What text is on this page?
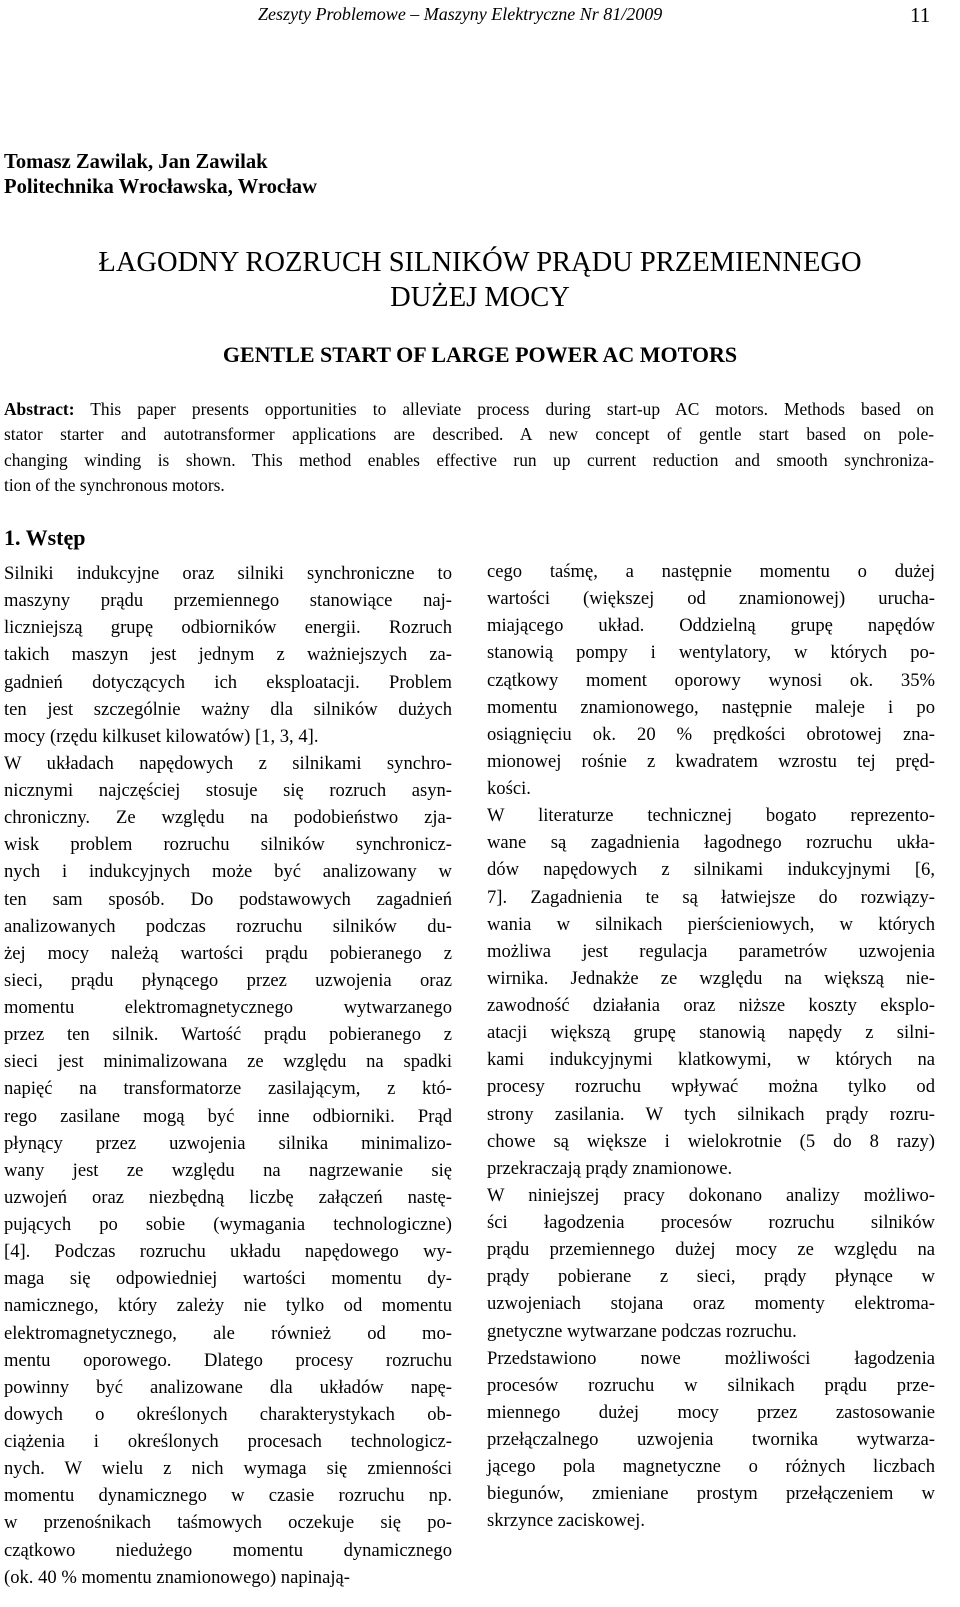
Zeszyty Problemowe – Maszyny Elektryczne Nr 81/2009	11
Tomasz Zawilak, Jan Zawilak
Politechnika Wrocławska, Wrocław
ŁAGODNY ROZRUCH SILNIKÓW PRĄDU PRZEMIENNEGO
DUŻEJ MOCY
GENTLE START OF LARGE POWER AC MOTORS
Abstract: This paper presents opportunities to alleviate process during start-up AC motors. Methods based on
stator starter and autotransformer applications are described. A new concept of gentle start based on pole-
changing winding is shown. This method enables effective run up current reduction and smooth synchroniza-
tion of the synchronous motors.
1. Wstęp
Silniki indukcyjne oraz silniki synchroniczne to
maszyny prądu przemiennego stanowiące naj-
liczniejszą grupę odbiorników energii. Rozruch
takich maszyn jest jednym z ważniejszych za-
gadnień dotyczących ich eksploatacji. Problem
ten jest szczególnie ważny dla silników dużych
mocy (rzędu kilkuset kilowatów) [1, 3, 4].
W układach napędowych z silnikami synchro-
nicznymi najczęściej stosuje się rozruch asyn-
chroniczny. Ze względu na podobieństwo zja-
wisk problem rozruchu silników synchronicz-
nych i indukcyjnych może być analizowany w
ten sam sposób. Do podstawowych zagadnień
analizowanych podczas rozruchu silników du-
żej mocy należą wartości prądu pobieranego z
sieci, prądu płynącego przez uzwojenia oraz
momentu elektromagnetycznego wytwarzanego
przez ten silnik. Wartość prądu pobieranego z
sieci jest minimalizowana ze względu na spadki
napięć na transformatorze zasilającym, z któ-
rego zasilane mogą być inne odbiorniki. Prąd
płynący przez uzwojenia silnika minimalizo-
wany jest ze względu na nagrzewanie się
uzwojeń oraz niezbędną liczbę załączeń nastę-
pujących po sobie (wymagania technologiczne)
[4]. Podczas rozruchu układu napędowego wy-
maga się odpowiedniej wartości momentu dy-
namicznego, który zależy nie tylko od momentu
elektromagnetycznego, ale również od mo-
mentu oporowego. Dlatego procesy rozruchu
powinny być analizowane dla układów napę-
dowych o określonych charakterystykach ob-
ciążenia i określonych procesach technologicz-
nych. W wielu z nich wymaga się zmienności
momentu dynamicznego w czasie rozruchu np.
w przenośnikach taśmowych oczekuje się po-
czątkowo niedużego momentu dynamicznego
(ok. 40 % momentu znamionowego) napinają-
cego taśmę, a następnie momentu o dużej
wartości (większej od znamionowej) urucha-
miającego układ. Oddzielną grupę napędów
stanowią pompy i wentylatory, w których po-
czątkowy moment oporowy wynosi ok. 35%
momentu znamionowego, następnie maleje i po
osiągnięciu ok. 20 % prędkości obrotowej zna-
mionowej rośnie z kwadratem wzrostu tej pręd-
kości.
W literaturze technicznej bogato reprezento-
wane są zagadnienia łagodnego rozruchu ukła-
dów napędowych z silnikami indukcyjnymi [6,
7]. Zagadnienia te są łatwiejsze do rozwiązy-
wania w silnikach pierścieniowych, w których
możliwa jest regulacja parametrów uzwojenia
wirnika. Jednakże ze względu na większą nie-
zawodność działania oraz niższe koszty eksplo-
atacji większą grupę stanowią napędy z silni-
kami indukcyjnymi klatkowymi, w których na
procesy rozruchu wpływać można tylko od
strony zasilania. W tych silnikach prądy rozru-
chowe są większe i wielokrotnie (5 do 8 razy)
przekraczają prądy znamionowe.
W niniejszej pracy dokonano analizy możliwo-
ści łagodzenia procesów rozruchu silników
prądu przemiennego dużej mocy ze względu na
prądy pobierane z sieci, prądy płynące w
uzwojeniach stojana oraz momenty elektroma-
gnetyczne wytwarzane podczas rozruchu.
Przedstawiono nowe możliwości łagodzenia
procesów rozruchu w silnikach prądu prze-
miennego dużej mocy przez zastosowanie
przełączalnego uzwojenia twornika wytwarza-
jącego pola magnetyczne o różnych liczbach
biegunów, zmieniane prostym przełączeniem w
skrzynce zaciskowej.
